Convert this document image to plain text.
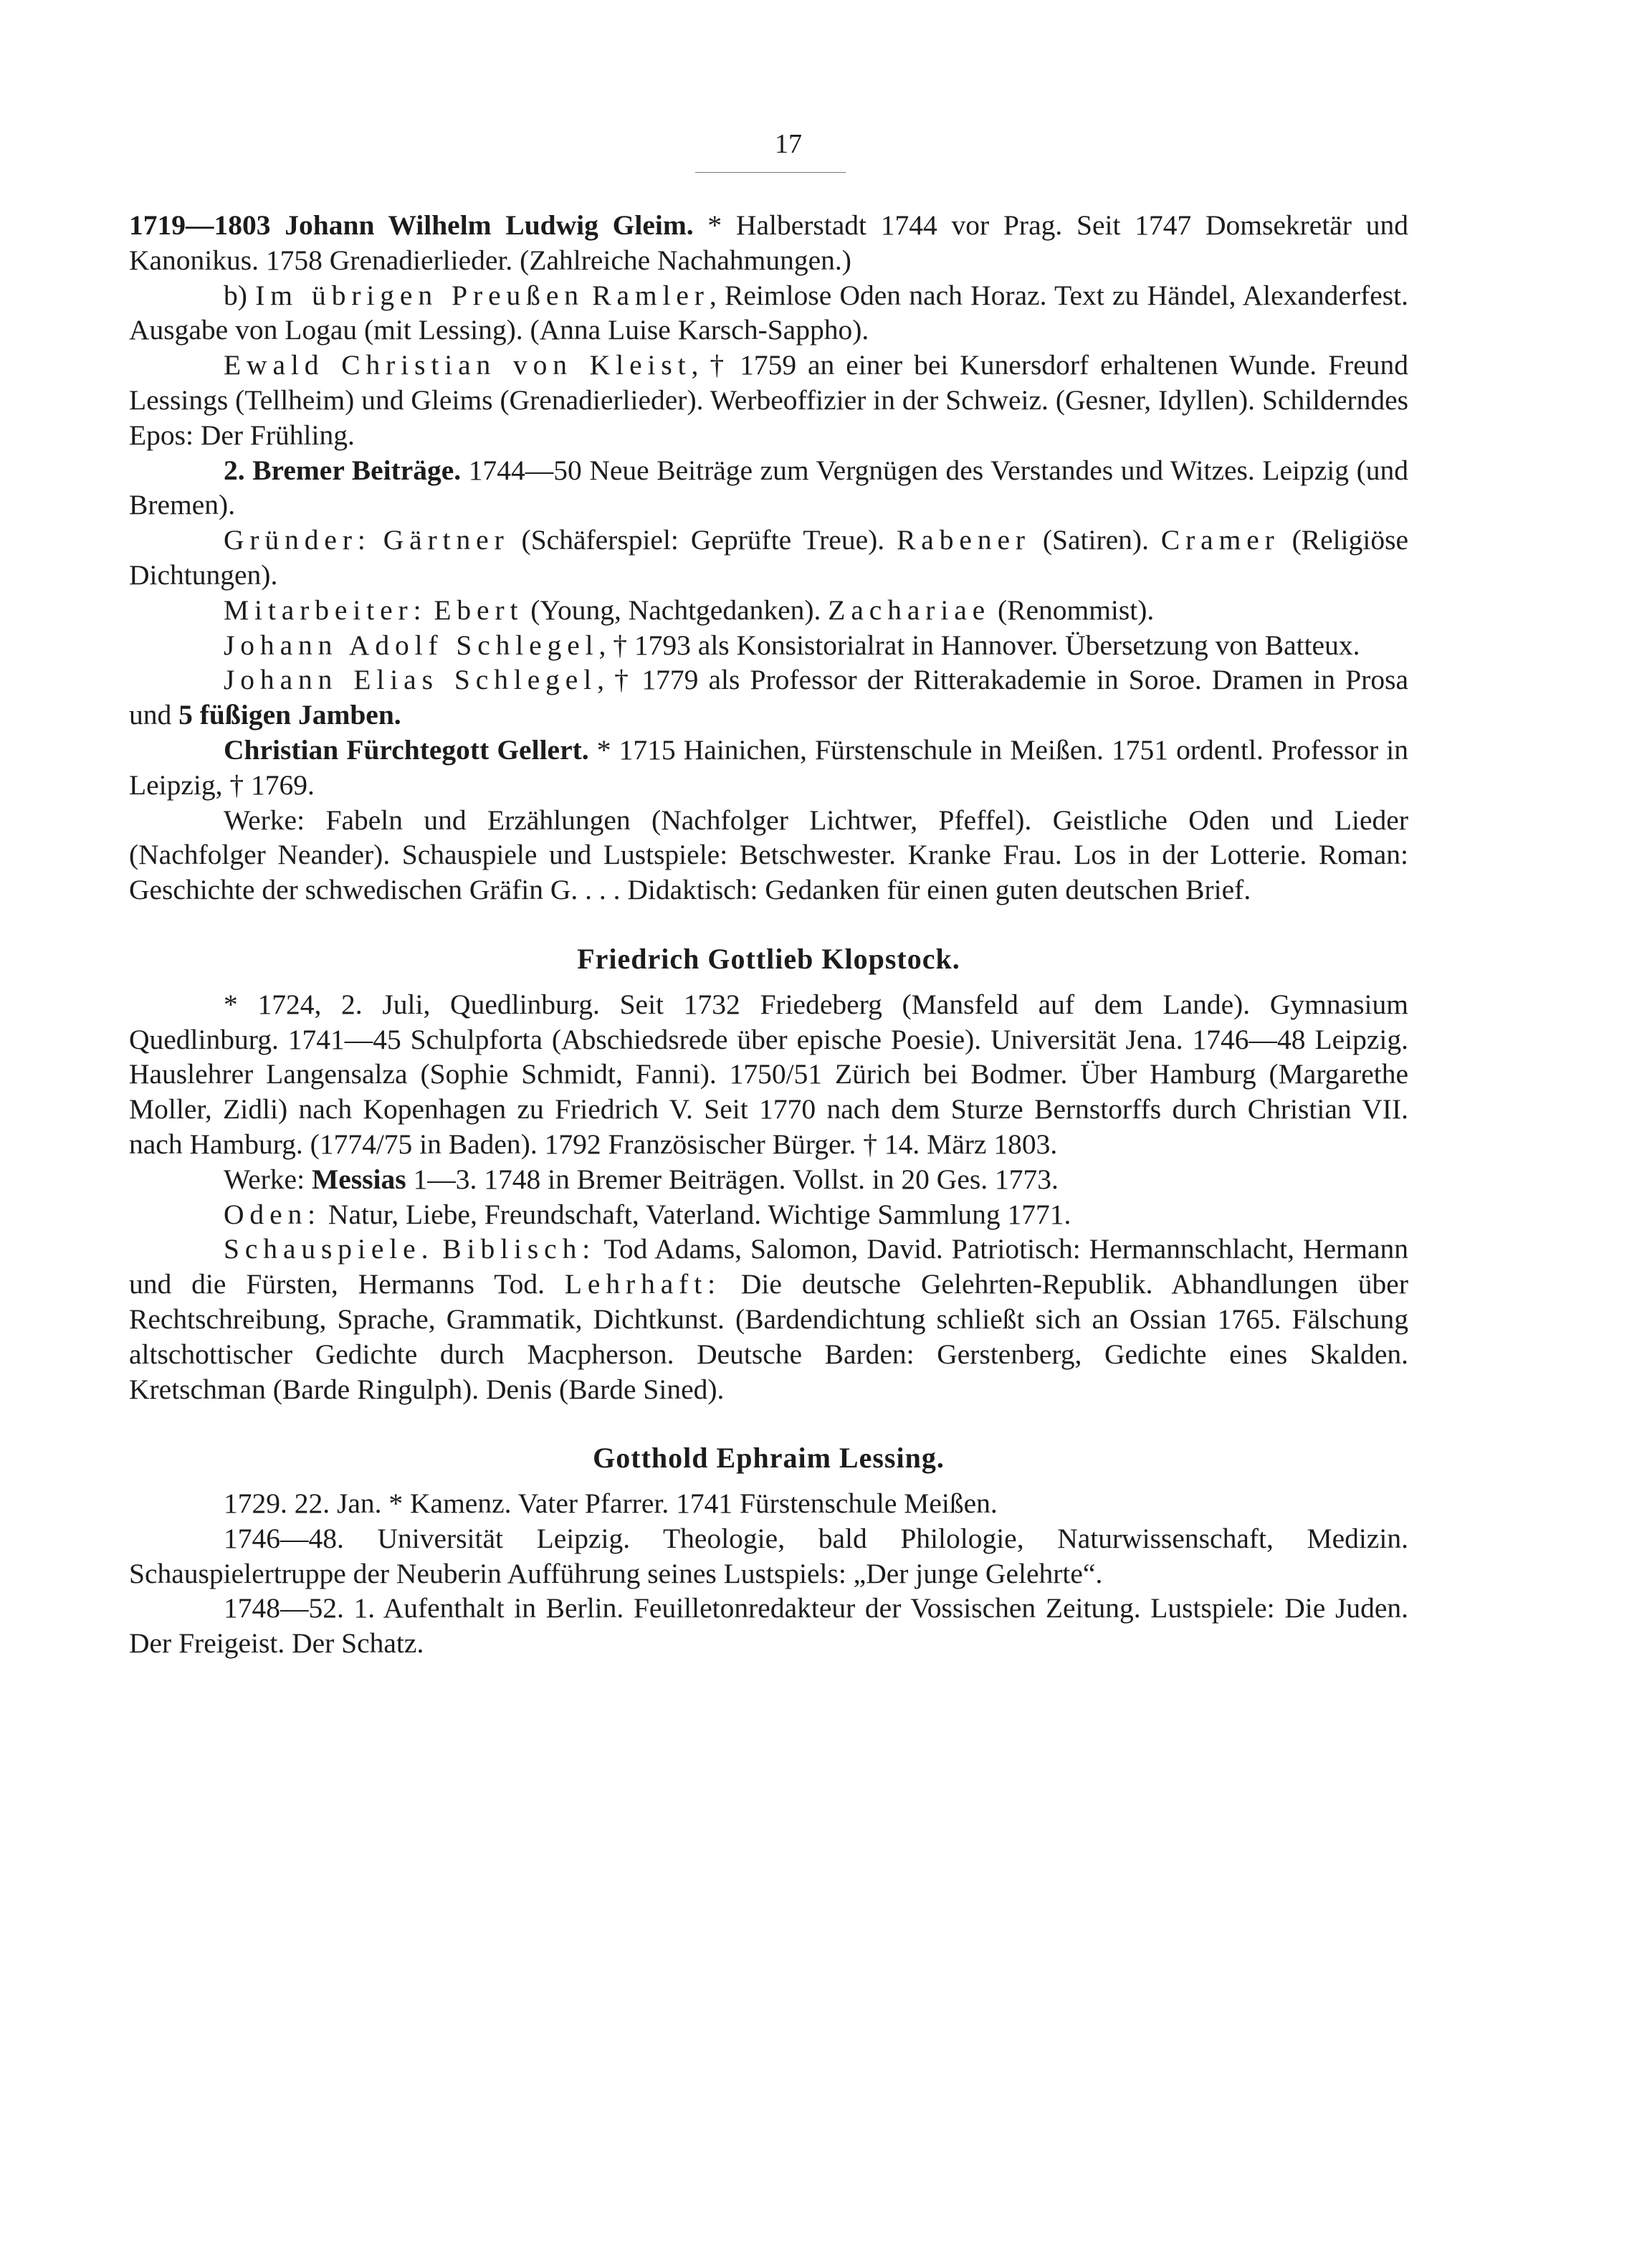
17

1719—1803 Johann Wilhelm Ludwig Gleim. * Halberstadt 1744 vor Prag. Seit 1747 Domsekretär und Kanonikus. 1758 Grenadierlieder. (Zahlreiche Nachahmungen.)

b) Im übrigen Preußen Ramler, Reimlose Oden nach Horaz. Text zu Händel, Alexanderfest. Ausgabe von Logau (mit Lessing). (Anna Luise Karsch-Sappho).

Ewald Christian von Kleist, † 1759 an einer bei Kunersdorf erhaltenen Wunde. Freund Lessings (Tellheim) und Gleims (Grenadierlieder). Werbeoffizier in der Schweiz. (Gesner, Idyllen). Schilderndes Epos: Der Frühling.

2. Bremer Beiträge. 1744—50 Neue Beiträge zum Vergnügen des Verstandes und Witzes. Leipzig (und Bremen).

Gründer: Gärtner (Schäferspiel: Geprüfte Treue). Rabener (Satiren). Cramer (Religiöse Dichtungen).

Mitarbeiter: Ebert (Young, Nachtgedanken). Zachariae (Renommist).

Johann Adolf Schlegel, † 1793 als Konsistorialrat in Hannover. Übersetzung von Batteux.

Johann Elias Schlegel, † 1779 als Professor der Ritterakademie in Soroe. Dramen in Prosa und 5 füßigen Jamben.

Christian Fürchtegott Gellert. * 1715 Hainichen, Fürstenschule in Meißen. 1751 ordentl. Professor in Leipzig, † 1769.

Werke: Fabeln und Erzählungen (Nachfolger Lichtwer, Pfeffel). Geistliche Oden und Lieder (Nachfolger Neander). Schauspiele und Lustspiele: Betschwester. Kranke Frau. Los in der Lotterie. Roman: Geschichte der schwedischen Gräfin G. . . . Didaktisch: Gedanken für einen guten deutschen Brief.

Friedrich Gottlieb Klopstock.

* 1724, 2. Juli, Quedlinburg. Seit 1732 Friedeberg (Mansfeld auf dem Lande). Gymnasium Quedlinburg. 1741—45 Schulpforta (Abschiedsrede über epische Poesie). Universität Jena. 1746—48 Leipzig. Hauslehrer Langensalza (Sophie Schmidt, Fanni). 1750/51 Zürich bei Bodmer. Über Hamburg (Margarethe Moller, Zidli) nach Kopenhagen zu Friedrich V. Seit 1770 nach dem Sturze Bernstorffs durch Christian VII. nach Hamburg. (1774/75 in Baden). 1792 Französischer Bürger. † 14. März 1803.

Werke: Messias 1—3. 1748 in Bremer Beiträgen. Vollst. in 20 Ges. 1773.

Oden: Natur, Liebe, Freundschaft, Vaterland. Wichtige Sammlung 1771.

Schauspiele. Biblisch: Tod Adams, Salomon, David. Patriotisch: Hermannschlacht, Hermann und die Fürsten, Hermanns Tod. Lehrhaft: Die deutsche Gelehrten-Republik. Abhandlungen über Rechtschreibung, Sprache, Grammatik, Dichtkunst. (Bardendichtung schließt sich an Ossian 1765. Fälschung altschottischer Gedichte durch Macpherson. Deutsche Barden: Gerstenberg, Gedichte eines Skalden. Kretschman (Barde Ringulph). Denis (Barde Sined).

Gotthold Ephraim Lessing.

1729. 22. Jan. * Kamenz. Vater Pfarrer. 1741 Fürstenschule Meißen.

1746—48. Universität Leipzig. Theologie, bald Philologie, Naturwissenschaft, Medizin. Schauspielertruppe der Neuberin Aufführung seines Lustspiels: „Der junge Gelehrte“.

1748—52. 1. Aufenthalt in Berlin. Feuilletonredakteur der Vossischen Zeitung. Lustspiele: Die Juden. Der Freigeist. Der Schatz.
